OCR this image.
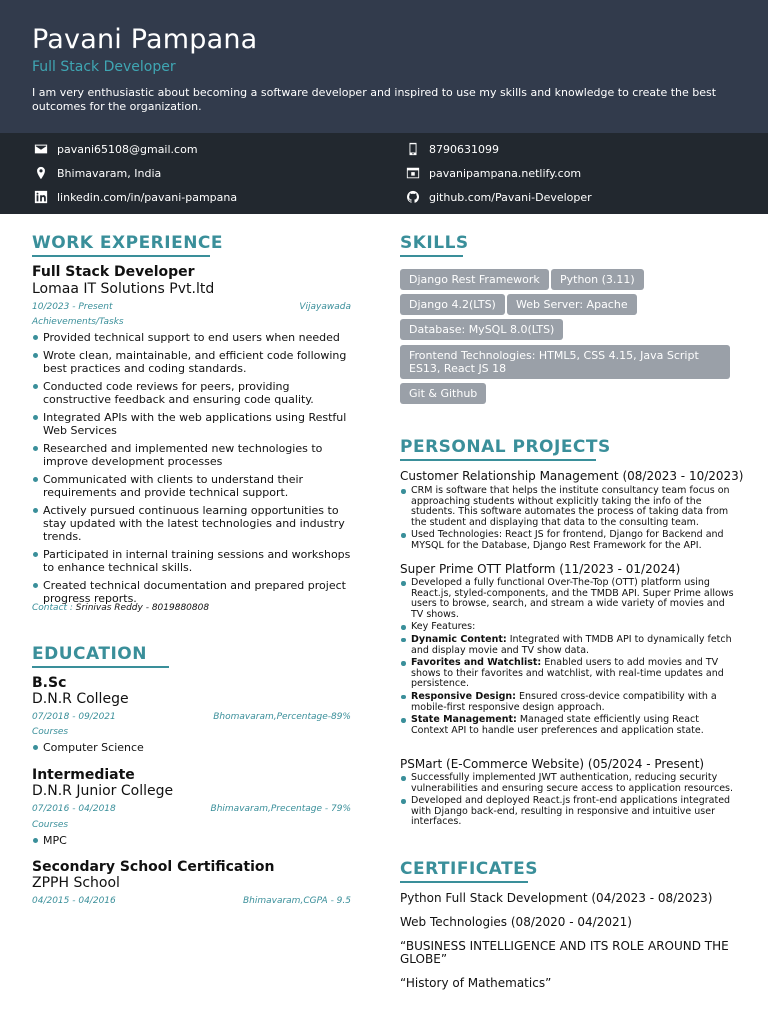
Pavani Pampana
Full Stack Developer
I am very enthusiastic about becoming a software developer and inspired to use my skills and knowledge to create the best outcomes for the organization.
pavani65108@gmail.com	8790631099
Bhimavaram, India	pavanipampana.netlify.com
linkedin.com/in/pavani-pampana	github.com/Pavani-Developer
WORK EXPERIENCE
Full Stack Developer
Lomaa IT Solutions Pvt.ltd
10/2023 - Present	Vijayawada
Achievements/Tasks
Provided technical support to end users when needed
Wrote clean, maintainable, and efficient code following best practices and coding standards.
Conducted code reviews for peers, providing constructive feedback and ensuring code quality.
Integrated APIs with the web applications using Restful Web Services
Researched and implemented new technologies to improve development processes
Communicated with clients to understand their requirements and provide technical support.
Actively pursued continuous learning opportunities to stay updated with the latest technologies and industry trends.
Participated in internal training sessions and workshops to enhance technical skills.
Created technical documentation and prepared project progress reports.
Contact : Srinivas Reddy - 8019880808
EDUCATION
B.Sc
D.N.R College
07/2018 - 09/2021	Bhomavaram,Percentage-89%
Courses
Computer Science
Intermediate
D.N.R Junior College
07/2016 - 04/2018	Bhimavaram,Precentage - 79%
Courses
MPC
Secondary School Certification
ZPPH School
04/2015 - 04/2016	Bhimavaram,CGPA - 9.5
SKILLS
Django Rest Framework	Python (3.11)
Django 4.2(LTS)	Web Server: Apache
Database: MySQL 8.0(LTS)
Frontend Technologies: HTML5, CSS 4.15, Java Script ES13, React JS 18
Git & Github
PERSONAL PROJECTS
Customer Relationship Management (08/2023 - 10/2023)
CRM is software that helps the institute consultancy team focus on approaching students without explicitly taking the info of the students. This software automates the process of taking data from the student and displaying that data to the consulting team.
Used Technologies: React JS for frontend, Django for Backend and MYSQL for the Database, Django Rest Framework for the API.
Super Prime OTT Platform (11/2023 - 01/2024)
Developed a fully functional Over-The-Top (OTT) platform using React.js, styled-components, and the TMDB API. Super Prime allows users to browse, search, and stream a wide variety of movies and TV shows.
Key Features:
Dynamic Content: Integrated with TMDB API to dynamically fetch and display movie and TV show data.
Favorites and Watchlist: Enabled users to add movies and TV shows to their favorites and watchlist, with real-time updates and persistence.
Responsive Design: Ensured cross-device compatibility with a mobile-first responsive design approach.
State Management: Managed state efficiently using React Context API to handle user preferences and application state.
PSMart (E-Commerce Website) (05/2024 - Present)
Successfully implemented JWT authentication, reducing security vulnerabilities and ensuring secure access to application resources.
Developed and deployed React.js front-end applications integrated with Django back-end, resulting in responsive and intuitive user interfaces.
CERTIFICATES
Python Full Stack Development (04/2023 - 08/2023)
Web Technologies (08/2020 - 04/2021)
“BUSINESS INTELLIGENCE AND ITS ROLE AROUND THE GLOBE”
“History of Mathematics”
